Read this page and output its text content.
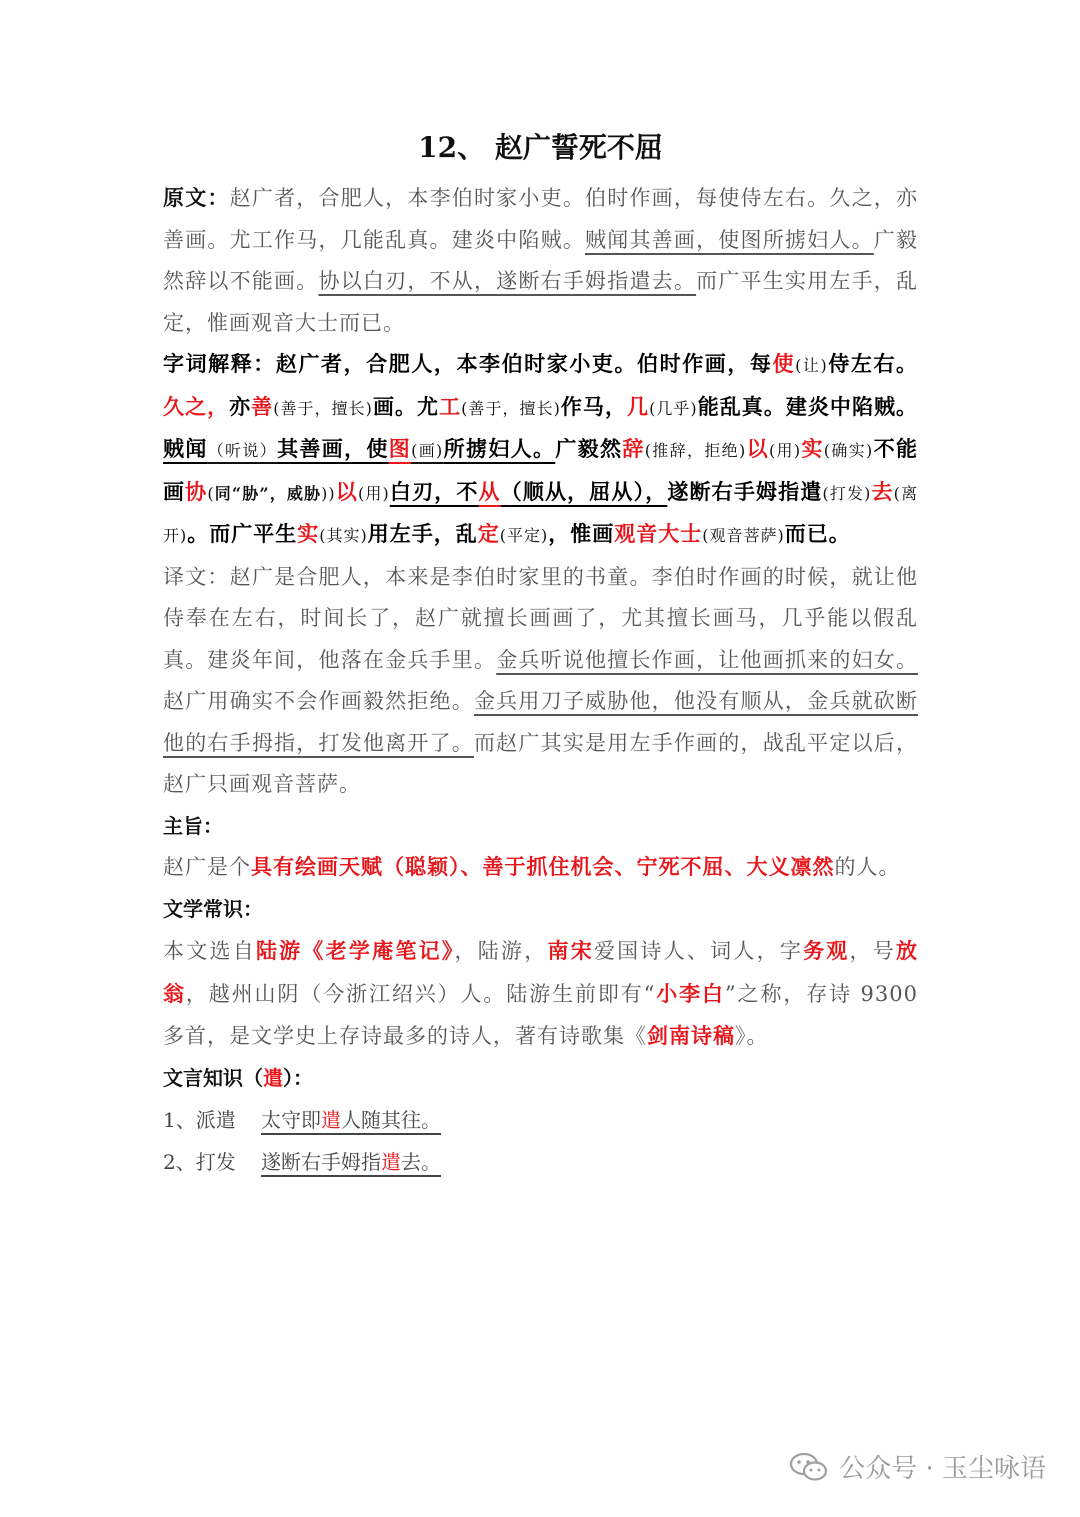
12、 赵广誓死不屈

原文：赵广者，合肥人，本李伯时家小吏。伯时作画，每使侍左右。久之，亦善画。尤工作马，几能乱真。建炎中陷贼。贼闻其善画，使图所掳妇人。广毅然辞以不能画。协以白刃，不从，遂断右手姆指遣去。而广平生实用左手，乱定，惟画观音大士而已。

字词解释：赵广者，合肥人，本李伯时家小吏。伯时作画，每使(让)侍左右。久之，亦善(善于，擅长)画。尤工(善于，擅长)作马，几(几乎)能乱真。建炎中陷贼。贼闻（听说）其善画，使图(画)所掳妇人。广毅然辞(推辞，拒绝)以(用)实(确实)不能画协(同“胁”，威胁))以(用)白刃，不从（顺从，屈从），遂断右手姆指遣(打发)去(离开)。而广平生实(其实)用左手，乱定(平定)，惟画观音大士(观音菩萨)而已。

译文：赵广是合肥人，本来是李伯时家里的书童。李伯时作画的时候，就让他侍奉在左右，时间长了，赵广就擅长画画了，尤其擅长画马，几乎能以假乱真。建炎年间，他落在金兵手里。金兵听说他擅长作画，让他画抓来的妇女。赵广用确实不会作画毅然拒绝。金兵用刀子威胁他，他没有顺从，金兵就砍断他的右手拇指，打发他离开了。而赵广其实是用左手作画的，战乱平定以后，赵广只画观音菩萨。

主旨：

赵广是个具有绘画天赋（聪颖）、善于抓住机会、宁死不屈、大义凛然的人。

文学常识：

本文选自陆游《老学庵笔记》，陆游，南宋爱国诗人、词人，字务观，号放翁，越州山阴（今浙江绍兴）人。陆游生前即有“小李白”之称，存诗 9300 多首，是文学史上存诗最多的诗人，著有诗歌集《剑南诗稿》。

文言知识（遣）：

1、派遣 太守即遣人随其往。
2、打发 遂断右手姆指遣去。
公众号 · 玉尘咏语
